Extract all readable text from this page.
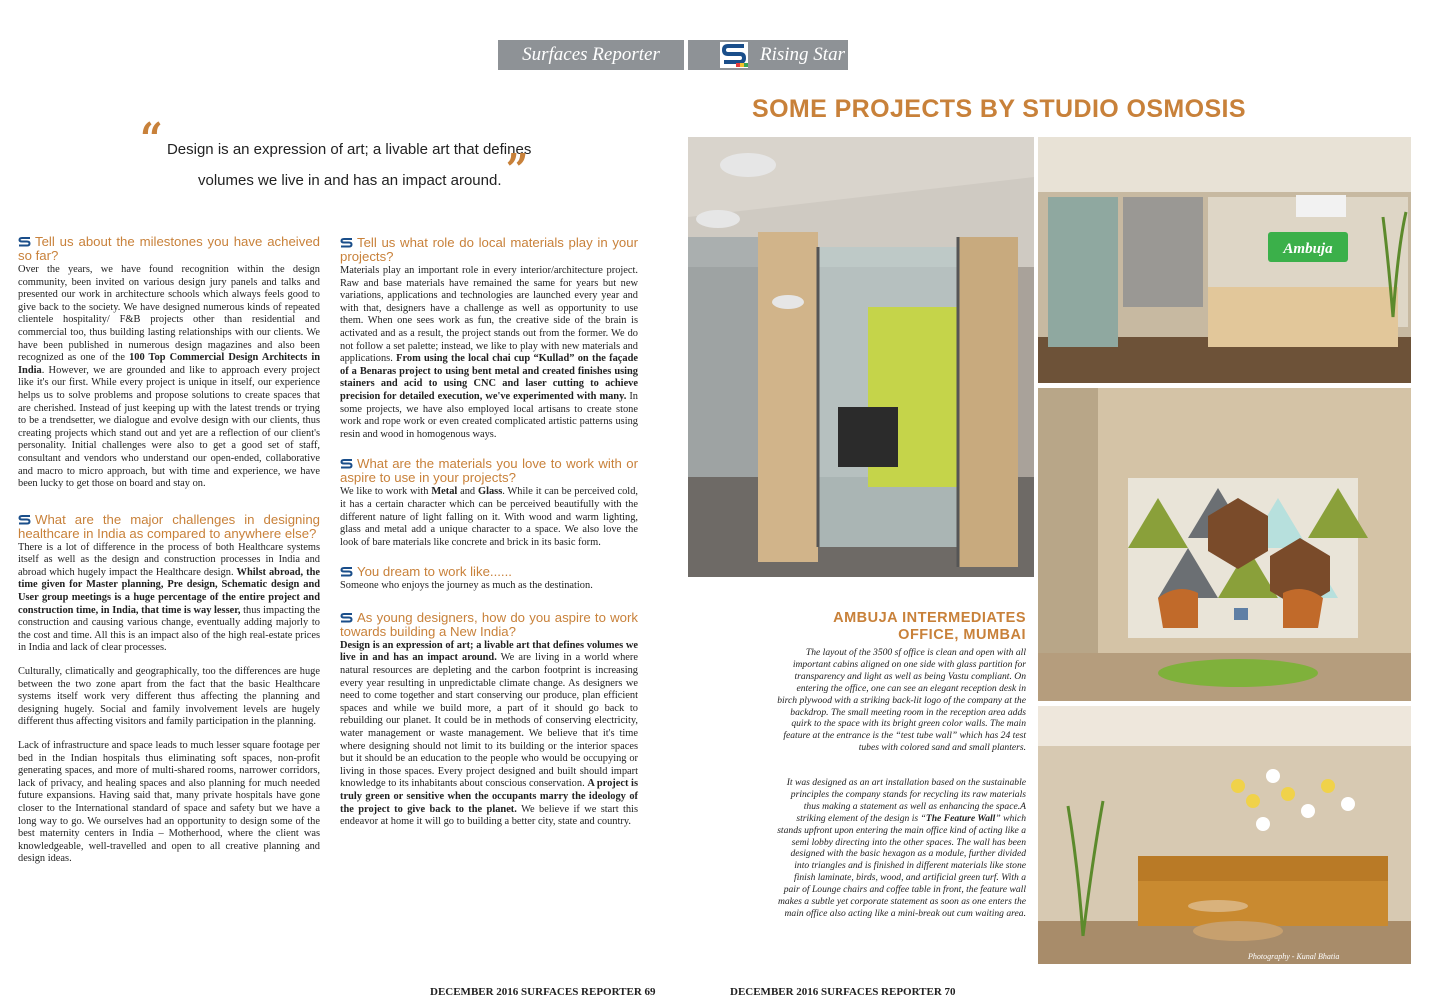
Surfaces Reporter	Rising Star
“ Design is an expression of art; a livable art that defines
volumes we live in and has an impact around. ”
Tell us about the milestones you have acheived so far?

Over the years, we have found recognition within the design community, been invited on various design jury panels and talks and presented our work in architecture schools which always feels good to give back to the society. We have designed numerous kinds of repeated clientele hospitality/ F&B projects other than residential and commercial too, thus building lasting relationships with our clients. We have been published in numerous design magazines and also been recognized as one of the 100 Top Commercial Design Architects in India. However, we are grounded and like to approach every project like it's our first. While every project is unique in itself, our experience helps us to solve problems and propose solutions to create spaces that are cherished. Instead of just keeping up with the latest trends or trying to be a trendsetter, we dialogue and evolve design with our clients, thus creating projects which stand out and yet are a reflection of our client's personality. Initial challenges were also to get a good set of staff, consultant and vendors who understand our open-ended, collaborative and macro to micro approach, but with time and experience, we have been lucky to get those on board and stay on.

What are the major challenges in designing healthcare in India as compared to anywhere else?

There is a lot of difference in the process of both Healthcare systems itself as well as the design and construction processes in India and abroad which hugely impact the Healthcare design. Whilst abroad, the time given for Master planning, Pre design, Schematic design and User group meetings is a huge percentage of the entire project and construction time, in India, that time is way lesser, thus impacting the construction and causing various change, eventually adding majorly to the cost and time. All this is an impact also of the high real-estate prices in India and lack of clear processes.

Culturally, climatically and geographically, too the differences are huge between the two zone apart from the fact that the basic Healthcare systems itself work very different thus affecting the planning and designing hugely. Social and family involvement levels are hugely different thus affecting visitors and family participation in the planning.

Lack of infrastructure and space leads to much lesser square footage per bed in the Indian hospitals thus eliminating soft spaces, non-profit generating spaces, and more of multi-shared rooms, narrower corridors, lack of privacy, and healing spaces and also planning for much needed future expansions. Having said that, many private hospitals have gone closer to the International standard of space and safety but we have a long way to go. We ourselves had an opportunity to design some of the best maternity centers in India – Motherhood, where the client was knowledgeable, well-travelled and open to all creative planning and design ideas.

Tell us what role do local materials play in your projects?

Materials play an important role in every interior/architecture project. Raw and base materials have remained the same for years but new variations, applications and technologies are launched every year and with that, designers have a challenge as well as opportunity to use them. When one sees work as fun, the creative side of the brain is activated and as a result, the project stands out from the former. We do not follow a set palette; instead, we like to play with new materials and applications. From using the local chai cup “Kullad” on the façade of a Benaras project to using bent metal and created finishes using stainers and acid to using CNC and laser cutting to achieve precision for detailed execution, we've experimented with many. In some projects, we have also employed local artisans to create stone work and rope work or even created complicated artistic patterns using resin and wood in homogenous ways.

What are the materials you love to work with or aspire to use in your projects?

We like to work with Metal and Glass. While it can be perceived cold, it has a certain character which can be perceived beautifully with the different nature of light falling on it. With wood and warm lighting, glass and metal add a unique character to a space. We also love the look of bare materials like concrete and brick in its basic form.

You dream to work like......

Someone who enjoys the journey as much as the destination.

As young designers, how do you aspire to work towards building a New India?

Design is an expression of art; a livable art that defines volumes we live in and has an impact around. We are living in a world where natural resources are depleting and the carbon footprint is increasing every year resulting in unpredictable climate change. As designers we need to come together and start conserving our produce, plan efficient spaces and while we build more, a part of it should go back to rebuilding our planet. It could be in methods of conserving electricity, water management or waste management. We believe that it's time where designing should not limit to its building or the interior spaces but it should be an education to the people who would be occupying or living in those spaces. Every project designed and built should impart knowledge to its inhabitants about conscious conservation. A project is truly green or sensitive when the occupants marry the ideology of the project to give back to the planet. We believe if we start this endeavor at home it will go to building a better city, state and country.

SOME PROJECTS BY STUDIO OSMOSIS
Ambuja
Photography - Kunal Bhatia
AMBUJA INTERMEDIATES
OFFICE, MUMBAI
The layout of the 3500 sf office is clean and open with all important cabins aligned on one side with glass partition for transparency and light as well as being Vastu compliant. On entering the office, one can see an elegant reception desk in birch plywood with a striking back-lit logo of the company at the backdrop. The small meeting room in the reception area adds quirk to the space with its bright green color walls. The main feature at the entrance is the “test tube wall” which has 24 test tubes with colored sand and small planters.
It was designed as an art installation based on the sustainable principles the company stands for recycling its raw materials thus making a statement as well as enhancing the space.A striking element of the design is “The Feature Wall” which stands upfront upon entering the main office kind of acting like a semi lobby directing into the other spaces. The wall has been designed with the basic hexagon as a module, further divided into triangles and is finished in different materials like stone finish laminate, birds, wood, and artificial green turf. With a pair of Lounge chairs and coffee table in front, the feature wall makes a subtle yet corporate statement as soon as one enters the main office also acting like a mini-break out cum waiting area.
DECEMBER 2016 SURFACES REPORTER 69	DECEMBER 2016 SURFACES REPORTER 70
